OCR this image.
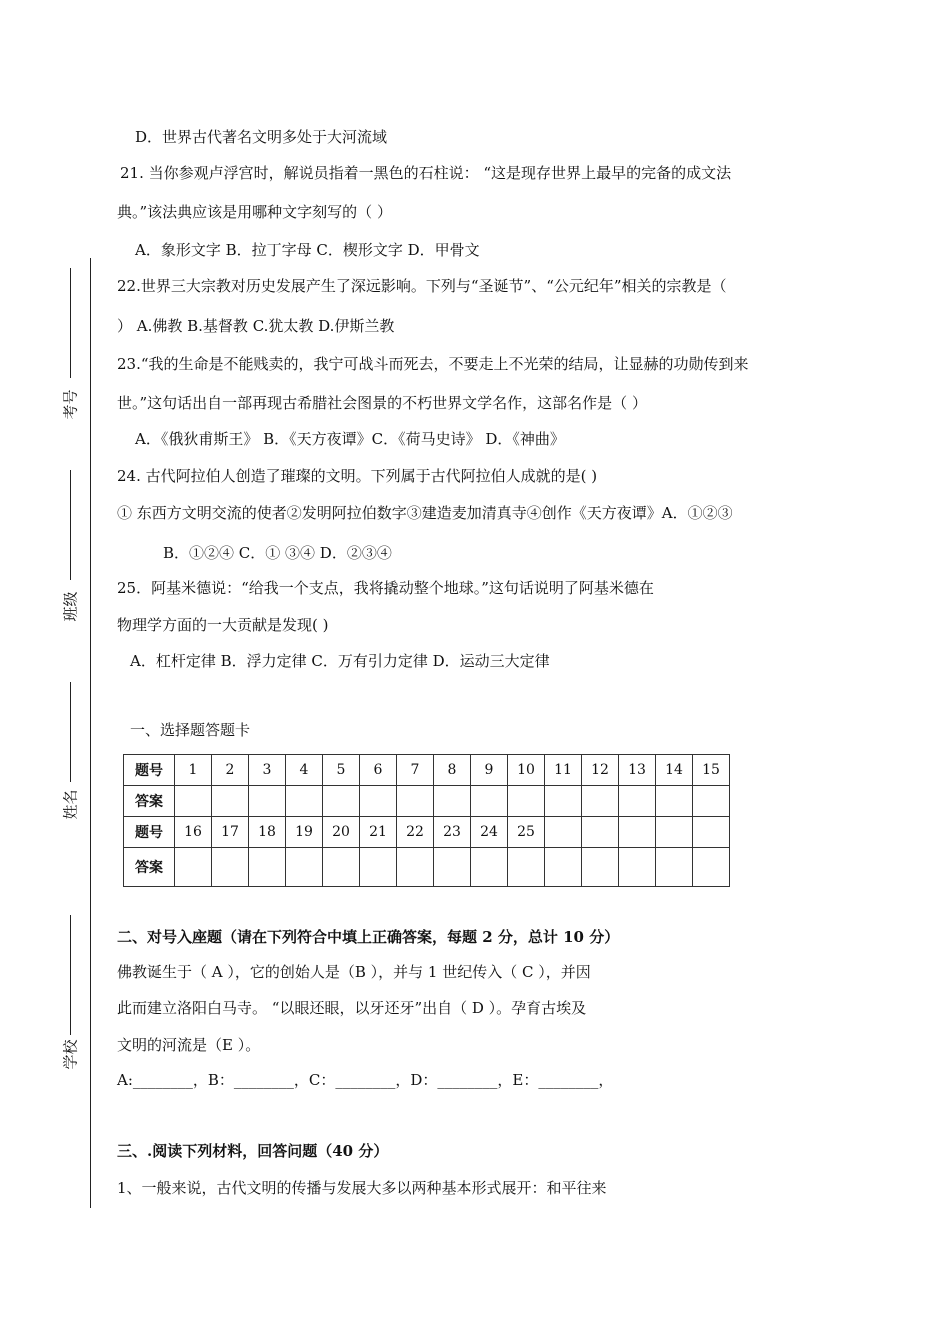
考号
班级
姓名
学校
D．世界古代著名文明多处于大河流域
21. 当你参观卢浮宫时，解说员指着一黑色的石柱说： “这是现存世界上最早的完备的成文法
典。”该法典应该是用哪种文字刻写的（ ）
A．象形文字 B．拉丁字母 C．楔形文字 D．甲骨文
22.世界三大宗教对历史发展产生了深远影响。下列与“圣诞节”、“公元纪年”相关的宗教是（
） A.佛教 B.基督教 C.犹太教 D.伊斯兰教
23.“我的生命是不能贱卖的，我宁可战斗而死去，不要走上不光荣的结局，让显赫的功勋传到来
世。”这句话出自一部再现古希腊社会图景的不朽世界文学名作，这部名作是（ ）
A．《俄狄甫斯王》 B．《天方夜谭》C．《荷马史诗》 D．《神曲》
24. 古代阿拉伯人创造了璀璨的文明。下列属于古代阿拉伯人成就的是( )
① 东西方文明交流的使者②发明阿拉伯数字③建造麦加清真寺④创作《天方夜谭》A．①②③
B．①②④ C．① ③④ D．②③④
25．阿基米德说：“给我一个支点，我将撬动整个地球。”这句话说明了阿基米德在
物理学方面的一大贡献是发现( )
A．杠杆定律 B．浮力定律 C．万有引力定律 D．运动三大定律
一、选择题答题卡
题号	1	2	3	4	5	6	7	8	9	10	11	12	13	14	15
答案															
题号	16	17	18	19	20	21	22	23	24	25					
答案															
二、对号入座题（请在下列符合中填上正确答案，每题 2 分，总计 10 分）
佛教诞生于（ A ），它的创始人是（B ），并与 1 世纪传入（ C ），并因
此而建立洛阳白马寺。 “以眼还眼，以牙还牙”出自（ D ）。孕育古埃及
文明的河流是（E ）。
A:________，B：________，C：________，D：________，E：________，
三、.阅读下列材料，回答问题（40 分）
1、一般来说，古代文明的传播与发展大多以两种基本形式展开：和平往来
